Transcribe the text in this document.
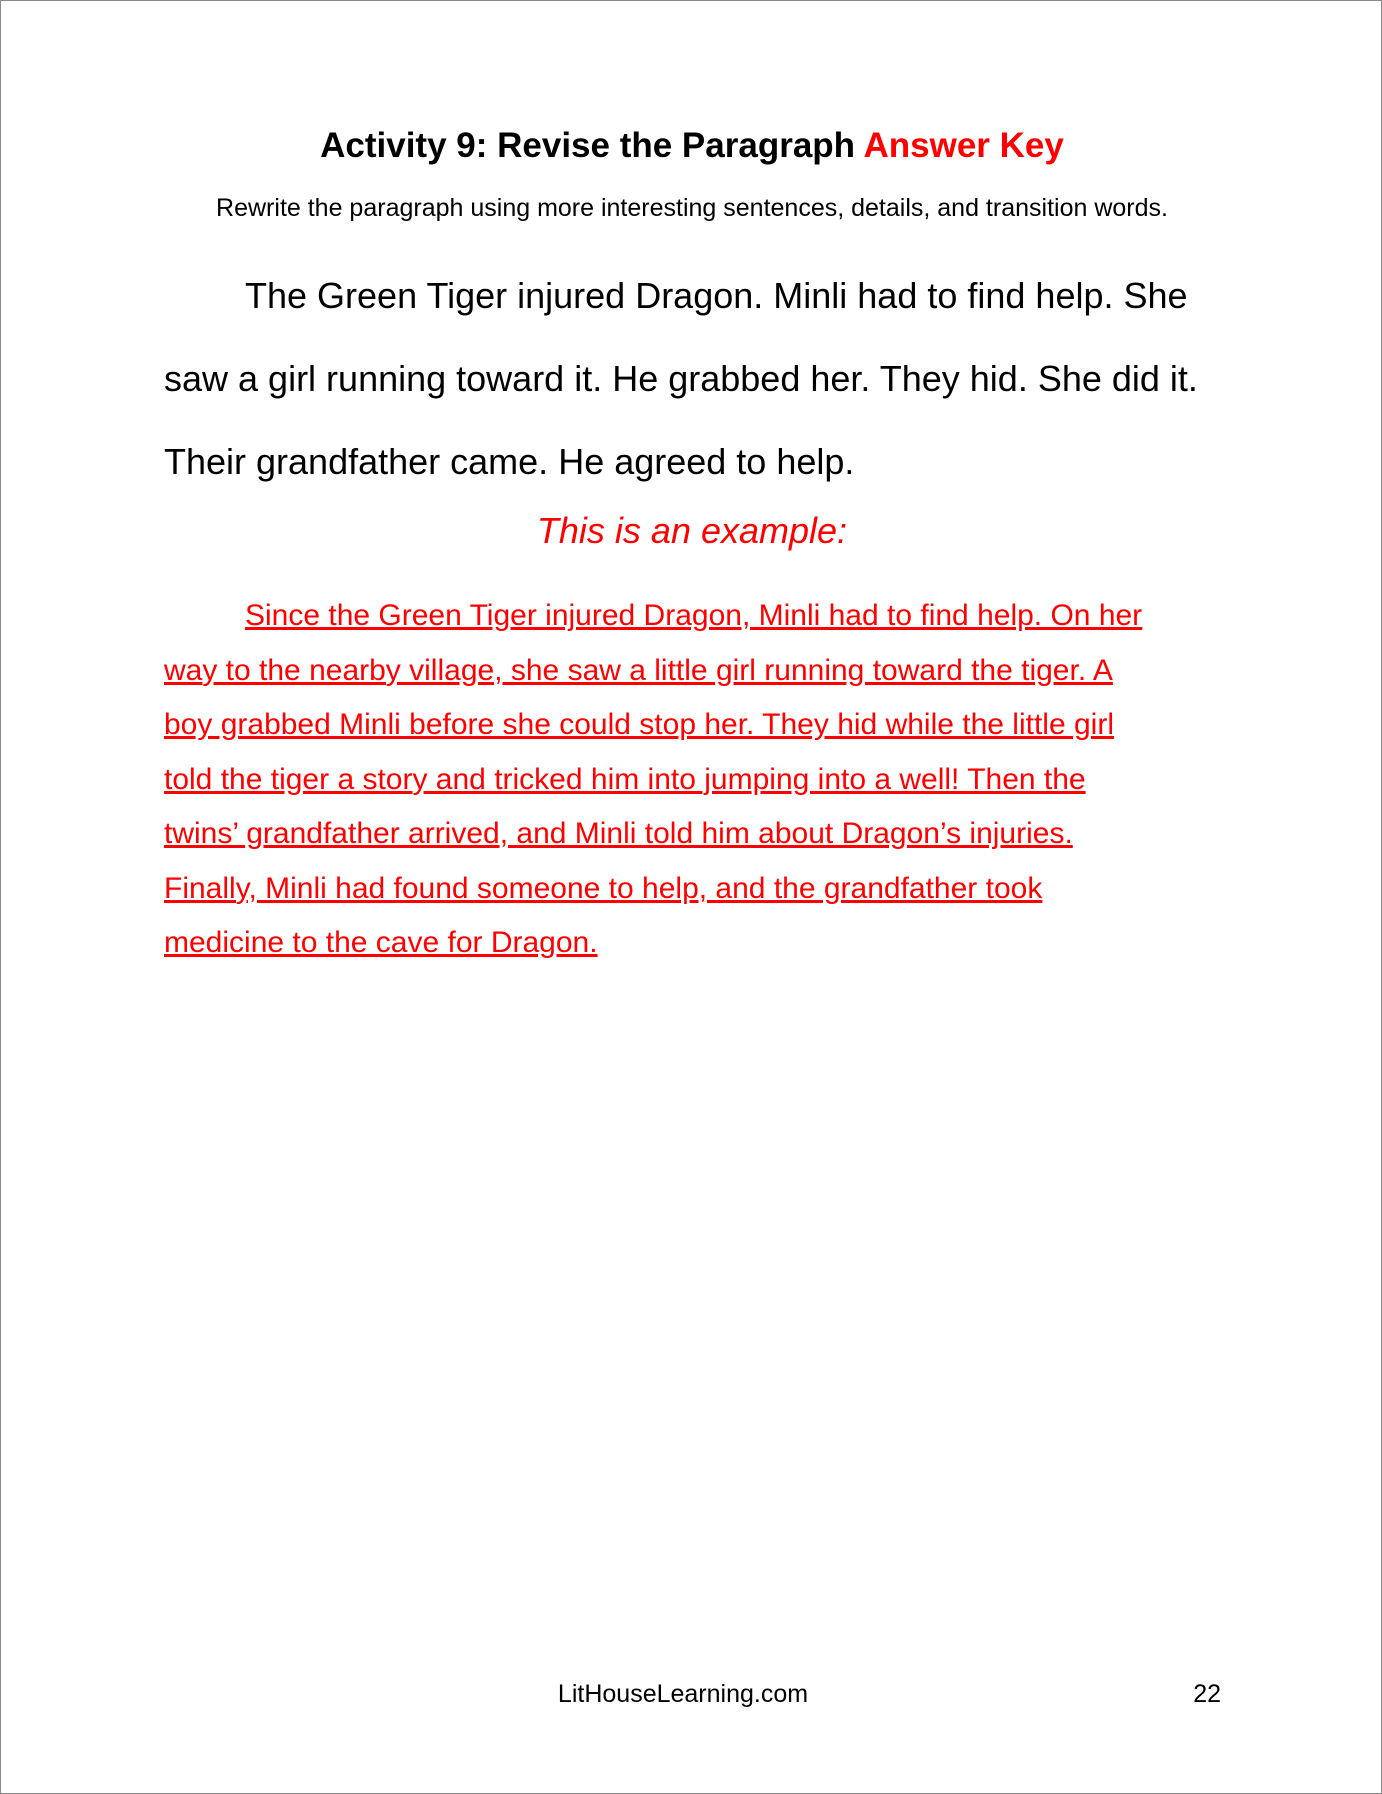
Activity 9: Revise the Paragraph Answer Key

Rewrite the paragraph using more interesting sentences, details, and transition words.

The Green Tiger injured Dragon. Minli had to find help. She
saw a girl running toward it. He grabbed her. They hid. She did it.
Their grandfather came. He agreed to help.

This is an example:

Since the Green Tiger injured Dragon, Minli had to find help. On her
way to the nearby village, she saw a little girl running toward the tiger. A
boy grabbed Minli before she could stop her. They hid while the little girl
told the tiger a story and tricked him into jumping into a well! Then the
twins’ grandfather arrived, and Minli told him about Dragon’s injuries.
Finally, Minli had found someone to help, and the grandfather took
medicine to the cave for Dragon.

LitHouseLearning.com	22
